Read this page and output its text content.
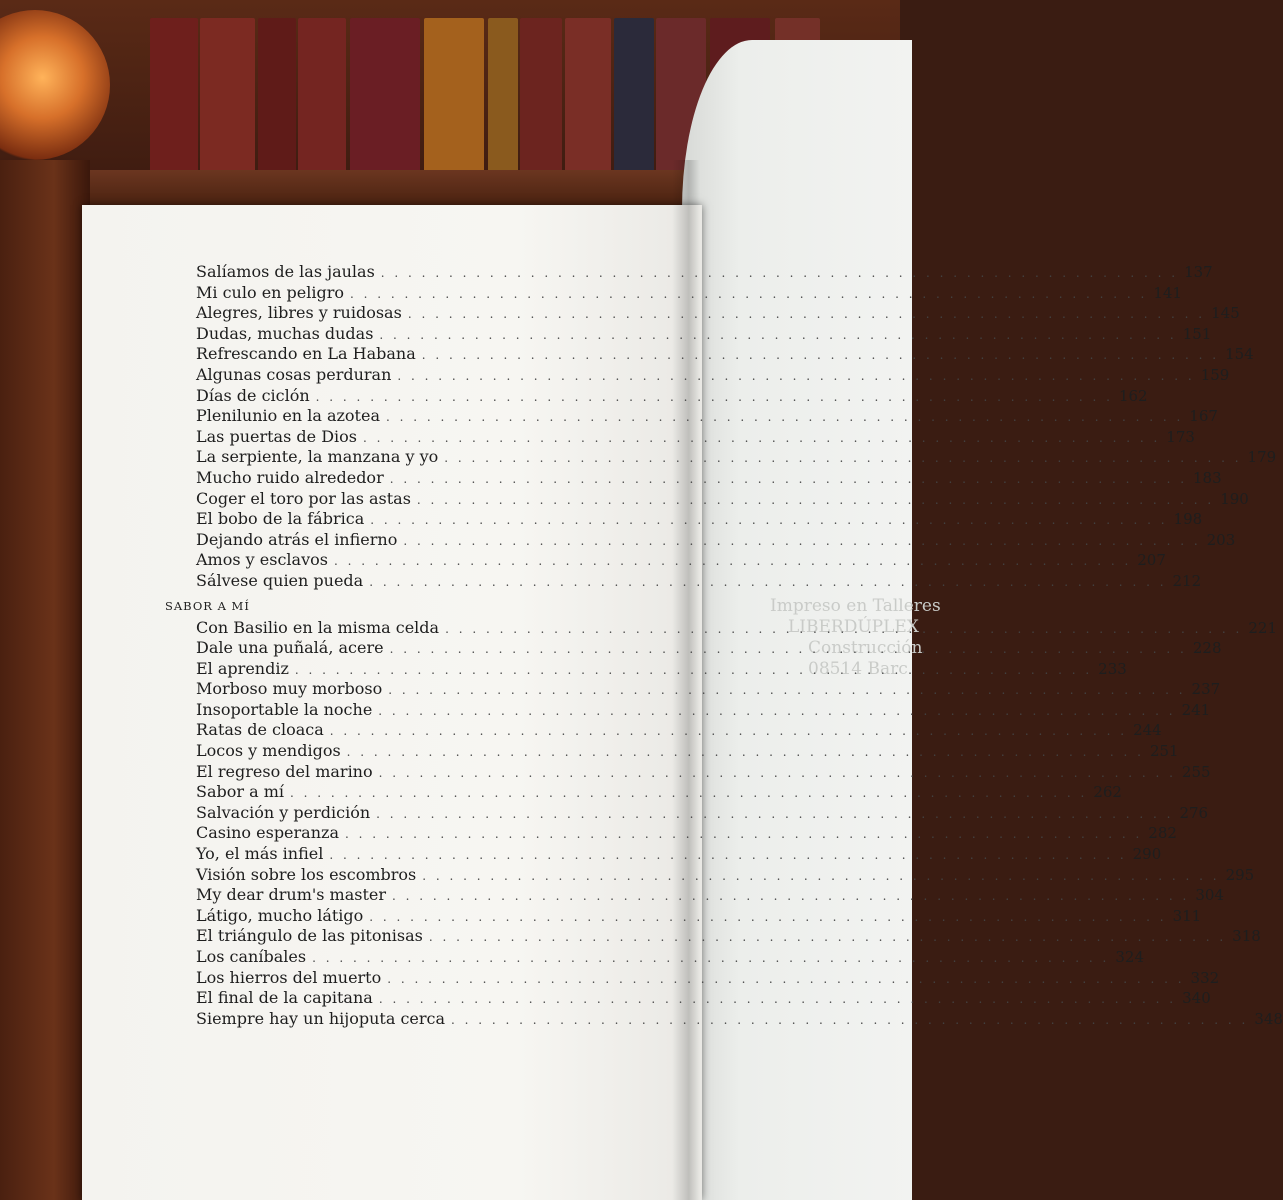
Impreso en Talleres
LIBERDÚPLEX
Construcción
08514 Barc
Salíamos de las jaulas . . .	137
Mi culo en peligro . . .	141
Alegres, libres y ruidosas . . .	145
Dudas, muchas dudas . . .	151
Refrescando en La Habana . . .	154
Algunas cosas perduran . . .	159
Días de ciclón . . .	162
Plenilunio en la azotea . . .	167
Las puertas de Dios . . .	173
La serpiente, la manzana y yo . . .	179
Mucho ruido alrededor . . .	183
Coger el toro por las astas . . .	190
El bobo de la fábrica . . .	198
Dejando atrás el infierno . . .	203
Amos y esclavos . . .	207
Sálvese quien pueda . . .	212
SABOR A MÍ
Con Basilio en la misma celda . . .	221
Dale una puñalá, acere . . .	228
El aprendiz . . .	233
Morboso muy morboso . . .	237
Insoportable la noche . . .	241
Ratas de cloaca . . .	244
Locos y mendigos . . .	251
El regreso del marino . . .	255
Sabor a mí . . .	262
Salvación y perdición . . .	276
Casino esperanza . . .	282
Yo, el más infiel . . .	290
Visión sobre los escombros . . .	295
My dear drum's master . . .	304
Látigo, mucho látigo . . .	311
El triángulo de las pitonisas . . .	318
Los caníbales . . .	324
Los hierros del muerto . . .	332
El final de la capitana . . .	340
Siempre hay un hijoputa cerca . . .	348
